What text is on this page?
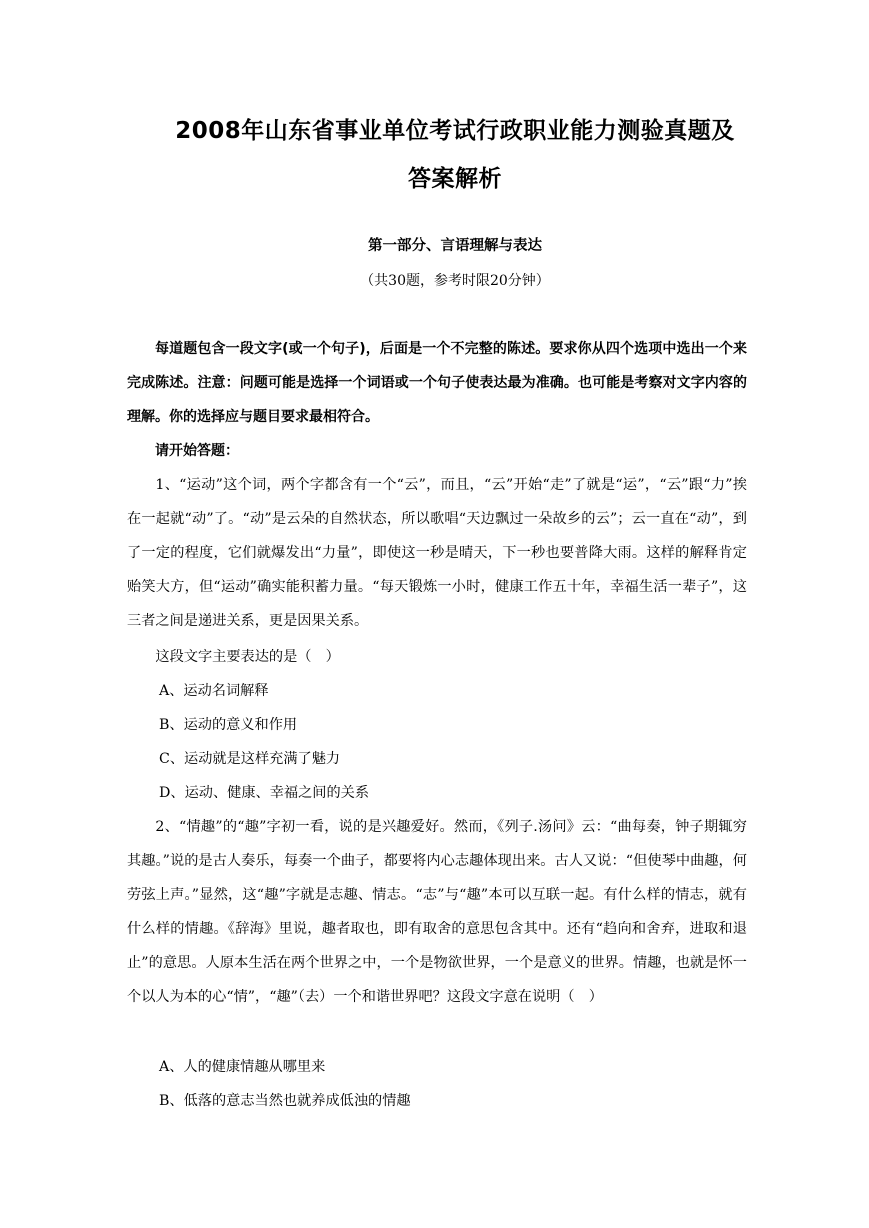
2008年山东省事业单位考试行政职业能力测验真题及
答案解析
第一部分、言语理解与表达
（共30题，参考时限20分钟）
每道题包含一段文字(或一个句子)，后面是一个不完整的陈述。要求你从四个选项中选出一个来完成陈述。注意：问题可能是选择一个词语或一个句子使表达最为准确。也可能是考察对文字内容的理解。你的选择应与题目要求最相符合。
请开始答题：
1、“运动”这个词，两个字都含有一个“云”，而且，“云”开始“走”了就是“运”，“云”跟“力”挨在一起就“动”了。“动”是云朵的自然状态，所以歌唱“天边飘过一朵故乡的云”；云一直在“动”，到了一定的程度，它们就爆发出“力量”，即使这一秒是晴天，下一秒也要普降大雨。这样的解释肯定贻笑大方，但“运动”确实能积蓄力量。“每天锻炼一小时，健康工作五十年，幸福生活一辈子”，这三者之间是递进关系，更是因果关系。
这段文字主要表达的是（　）
A、运动名词解释
B、运动的意义和作用
C、运动就是这样充满了魅力
D、运动、健康、幸福之间的关系
2、“情趣”的“趣”字初一看，说的是兴趣爱好。然而，《列子.汤问》云：“曲每奏，钟子期辄穷其趣。”说的是古人奏乐，每奏一个曲子，都要将内心志趣体现出来。古人又说：“但使琴中曲趣，何劳弦上声。”显然，这“趣”字就是志趣、情志。“志”与“趣”本可以互联一起。有什么样的情志，就有什么样的情趣。《辞海》里说，趣者取也，即有取舍的意思包含其中。还有“趋向和舍弃，进取和退止”的意思。人原本生活在两个世界之中，一个是物欲世界，一个是意义的世界。情趣，也就是怀一个以人为本的心“情”，“趣”（去）一个和谐世界吧？这段文字意在说明（　）
A、人的健康情趣从哪里来
B、低落的意志当然也就养成低浊的情趣
